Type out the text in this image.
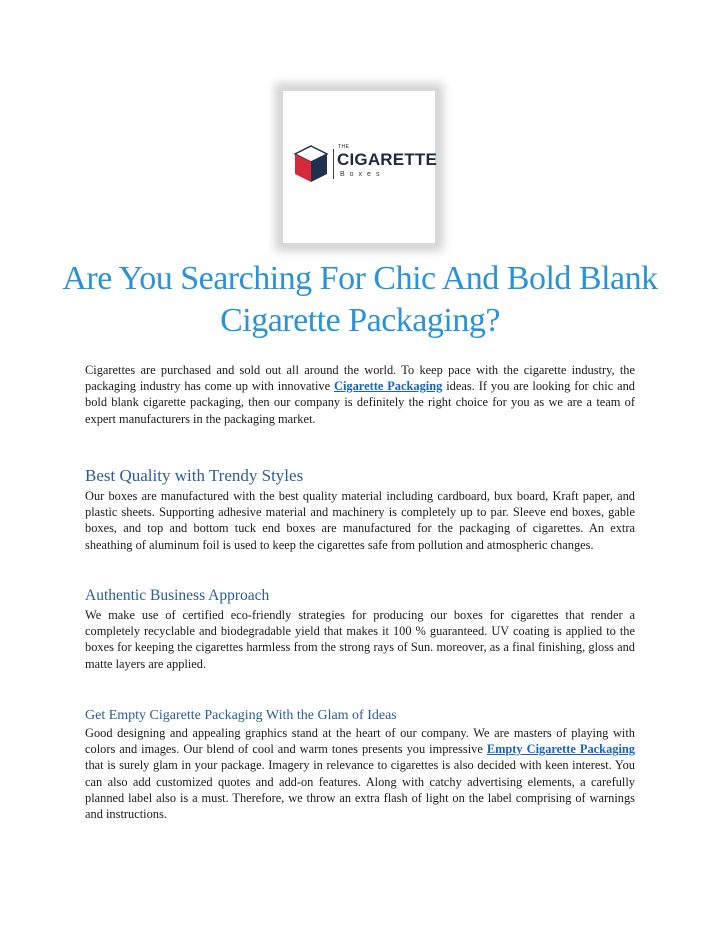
THE
CIGARETTE
Boxes
Are You Searching For Chic And Bold Blank Cigarette Packaging?

Cigarettes are purchased and sold out all around the world. To keep pace with the cigarette industry, the packaging industry has come up with innovative Cigarette Packaging ideas. If you are looking for chic and bold blank cigarette packaging, then our company is definitely the right choice for you as we are a team of expert manufacturers in the packaging market.

Best Quality with Trendy Styles

Our boxes are manufactured with the best quality material including cardboard, bux board, Kraft paper, and plastic sheets. Supporting adhesive material and machinery is completely up to par. Sleeve end boxes, gable boxes, and top and bottom tuck end boxes are manufactured for the packaging of cigarettes. An extra sheathing of aluminum foil is used to keep the cigarettes safe from pollution and atmospheric changes.

Authentic Business Approach

We make use of certified eco-friendly strategies for producing our boxes for cigarettes that render a completely recyclable and biodegradable yield that makes it 100 % guaranteed. UV coating is applied to the boxes for keeping the cigarettes harmless from the strong rays of Sun. moreover, as a final finishing, gloss and matte layers are applied.

Get Empty Cigarette Packaging With the Glam of Ideas

Good designing and appealing graphics stand at the heart of our company. We are masters of playing with colors and images. Our blend of cool and warm tones presents you impressive Empty Cigarette Packaging that is surely glam in your package. Imagery in relevance to cigarettes is also decided with keen interest. You can also add customized quotes and add-on features. Along with catchy advertising elements, a carefully planned label also is a must. Therefore, we throw an extra flash of light on the label comprising of warnings and instructions.
